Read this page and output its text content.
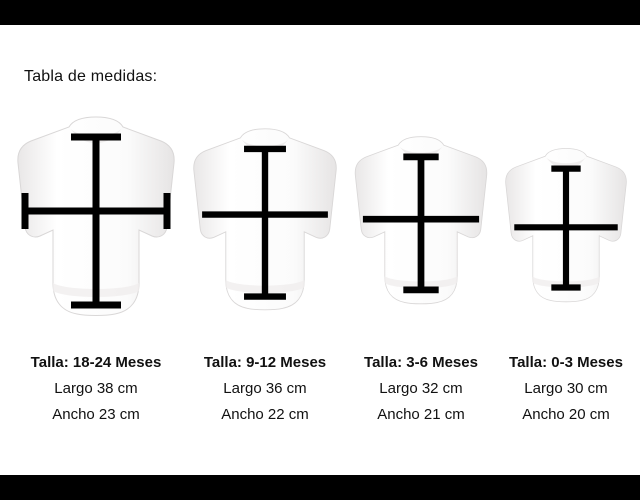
Tabla de medidas:
Talla: 18-24 Meses
Largo 38 cm
Ancho 23 cm
Talla: 9-12 Meses
Largo 36 cm
Ancho 22 cm
Talla: 3-6 Meses
Largo 32 cm
Ancho 21 cm
Talla: 0-3 Meses
Largo 30 cm
Ancho 20 cm
